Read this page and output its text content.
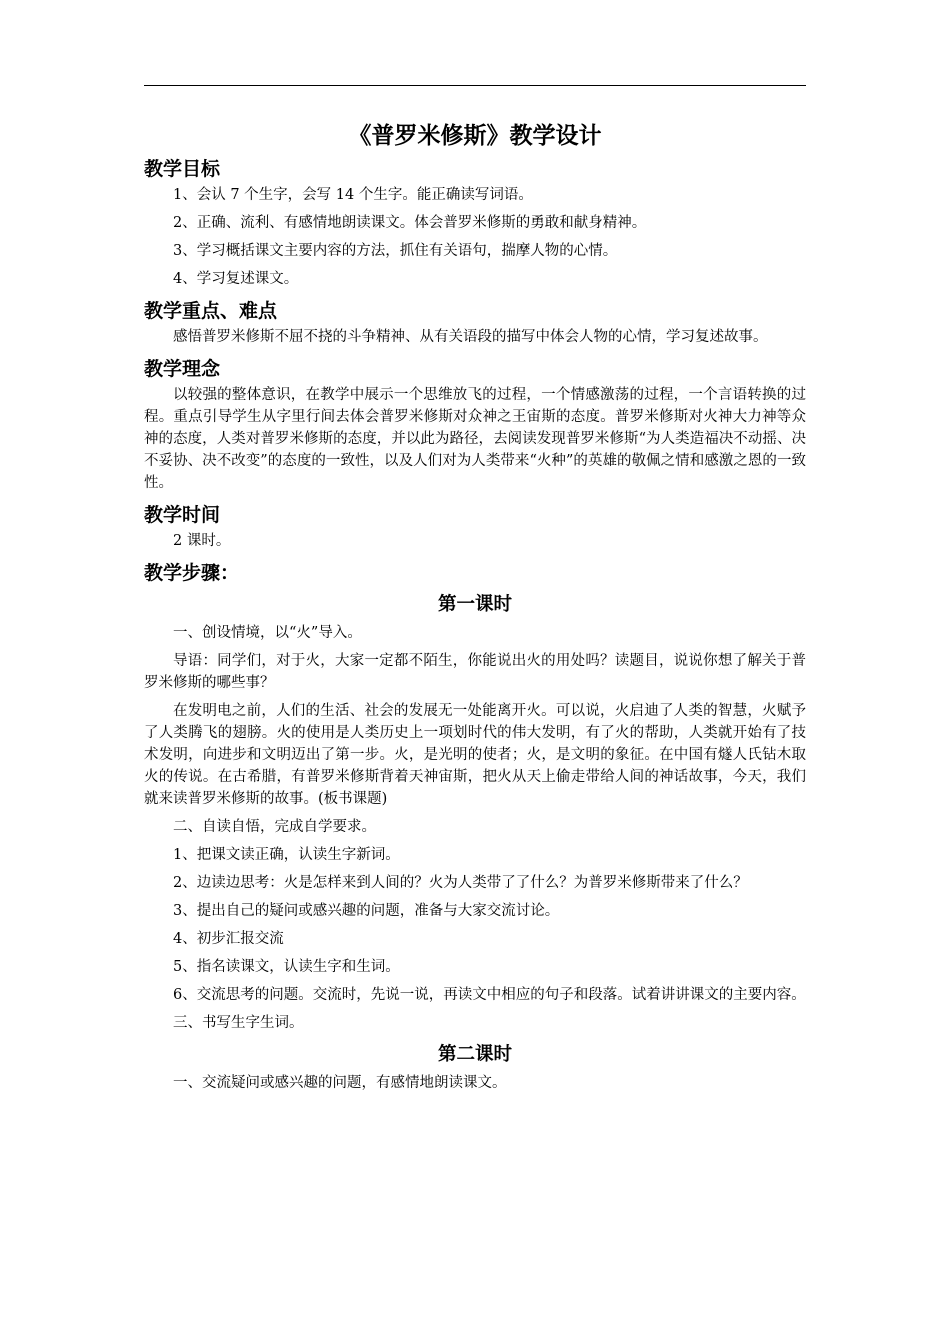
《普罗米修斯》教学设计
教学目标
1、会认 7 个生字，会写 14 个生字。能正确读写词语。
2、正确、流利、有感情地朗读课文。体会普罗米修斯的勇敢和献身精神。
3、学习概括课文主要内容的方法，抓住有关语句，揣摩人物的心情。
4、学习复述课文。
教学重点、难点
感悟普罗米修斯不屈不挠的斗争精神、从有关语段的描写中体会人物的心情，学习复述故事。
教学理念
以较强的整体意识，在教学中展示一个思维放飞的过程，一个情感激荡的过程，一个言语转换的过程。重点引导学生从字里行间去体会普罗米修斯对众神之王宙斯的态度。普罗米修斯对火神大力神等众神的态度，人类对普罗米修斯的态度，并以此为路径，去阅读发现普罗米修斯“为人类造福决不动摇、决不妥协、决不改变”的态度的一致性，以及人们对为人类带来“火种”的英雄的敬佩之情和感激之恩的一致性。
教学时间
2 课时。
教学步骤：
第一课时
一、创设情境，以“火”导入。
导语：同学们，对于火，大家一定都不陌生，你能说出火的用处吗？读题目，说说你想了解关于普罗米修斯的哪些事？
在发明电之前，人们的生活、社会的发展无一处能离开火。可以说，火启迪了人类的智慧，火赋予了人类腾飞的翅膀。火的使用是人类历史上一项划时代的伟大发明，有了火的帮助，人类就开始有了技术发明，向进步和文明迈出了第一步。火，是光明的使者；火，是文明的象征。在中国有燧人氏钻木取火的传说。在古希腊，有普罗米修斯背着天神宙斯，把火从天上偷走带给人间的神话故事，今天，我们就来读普罗米修斯的故事。(板书课题)
二、自读自悟，完成自学要求。
1、把课文读正确，认读生字新词。
2、边读边思考：火是怎样来到人间的？火为人类带了了什么？为普罗米修斯带来了什么？
3、提出自己的疑问或感兴趣的问题，准备与大家交流讨论。
4、初步汇报交流
5、指名读课文，认读生字和生词。
6、交流思考的问题。交流时，先说一说，再读文中相应的句子和段落。试着讲讲课文的主要内容。
三、书写生字生词。
第二课时
一、交流疑问或感兴趣的问题，有感情地朗读课文。
